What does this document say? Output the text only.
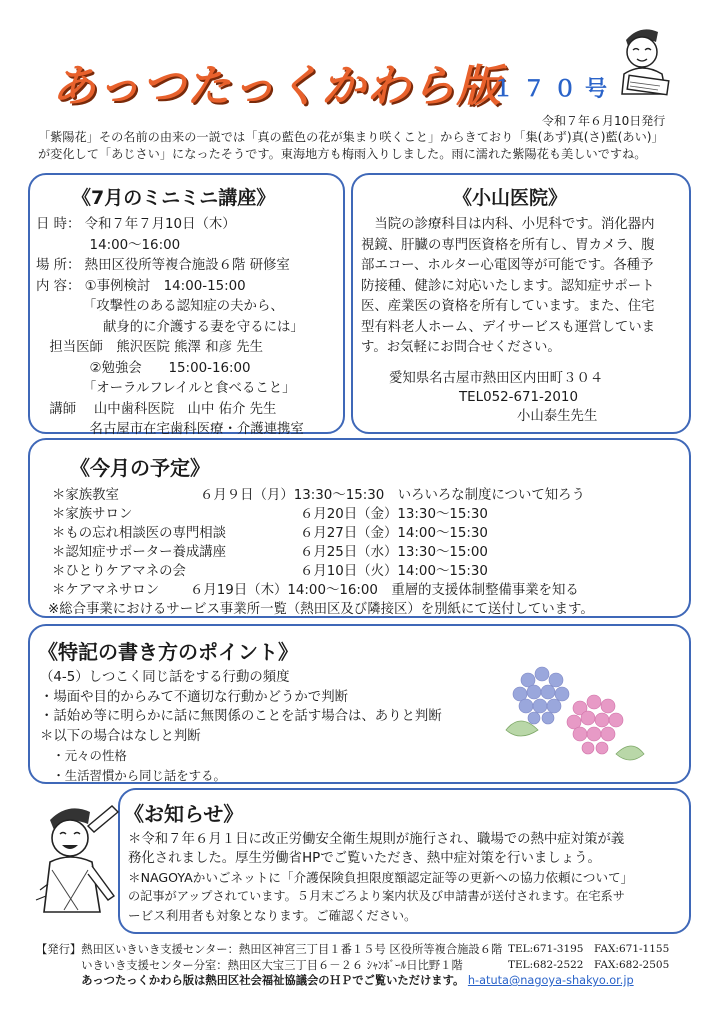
あっつたっくかわら版
１７０号
令和７年６月10日発行

「紫陽花」その名前の由来の一説では「真の藍色の花が集まり咲くこと」からきており「集(あず)真(さ)藍(あい)」

が変化して「あじさい」になったそうです。東海地方も梅雨入りしました。雨に濡れた紫陽花も美しいですね。

《7月のミニミニ講座》

日 時： 令和７年７月10日（木）

　　　　14:00〜16:00

場 所： 熱田区役所等複合施設６階 研修室

内 容： ①事例検討　14:00-15:00

　　　　「攻撃性のある認知症の夫から、

　　　　　献身的に介護する妻を守るには」

　担当医師　熊沢医院 熊澤 和彦 先生

　　　　②勉強会　　15:00-16:00

　　　　「オーラルフレイルと食べること」

　講師　 山中歯科医院　山中 佑介 先生

　　　　名古屋市在宅歯科医療・介護連携室

《小山医院》

　当院の診療科目は内科、小児科です。消化器内

視鏡、肝臓の専門医資格を所有し、胃カメラ、腹

部エコー、ホルター心電図等が可能です。各種予

防接種、健診に対応いたします。認知症サポート

医、産業医の資格を所有しています。また、住宅

型有料老人ホーム、デイサービスも運営していま

す。お気軽にお問合せください。

愛知県名古屋市熱田区内田町３０４
TEL052-671-2010
小山泰生先生
《今月の予定》
＊家族教室	６月９日（月）13:30〜15:30　いろいろな制度について知ろう
＊家族サロン	６月20日（金）13:30〜15:30
＊もの忘れ相談医の専門相談	６月27日（金）14:00〜15:30
＊認知症サポーター養成講座	６月25日（水）13:30〜15:00
＊ひとりケアマネの会	６月10日（火）14:00〜15:30
＊ケアマネサロン ６月19日（木）14:00〜16:00　重層的支援体制整備事業を知る
※総合事業におけるサービス事業所一覧（熱田区及び隣接区）を別紙にて送付しています。
《特記の書き方のポイント》

（4-5）しつこく同じ話をする行動の頻度

・場面や目的からみて不適切な行動かどうかで判断

・話始め等に明らかに話に無関係のことを話す場合は、ありと判断

＊以下の場合はなしと判断

　・元々の性格

　・生活習慣から同じ話をする。

《お知らせ》

＊令和７年６月１日に改正労働安全衛生規則が施行され、職場での熱中症対策が義

務化されました。厚生労働省HPでご覧いただき、熱中症対策を行いましょう。

＊NAGOYAかいごネットに「介護保険負担限度額認定証等の更新への協力依頼について」

の記事がアップされています。５月末ごろより案内状及び申請書が送付されます。在宅系サ

ービス利用者も対象となります。ご確認ください。

【発行】熱田区いきいき支援センター：熱田区神宮三丁目１番１５号 区役所等複合施設６階 TEL:671-3195　FAX:671-1155
　　　　いきいき支援センター分室：熱田区大宝三丁目６－２６ ｼｬﾝﾎﾞｰﾙ日比野１階	TEL:682-2522　FAX:682-2505
　　　　あっつたっくかわら版は熱田区社会福祉協議会のＨＰでご覧いただけます。 h-atuta@nagoya-shakyo.or.jp
